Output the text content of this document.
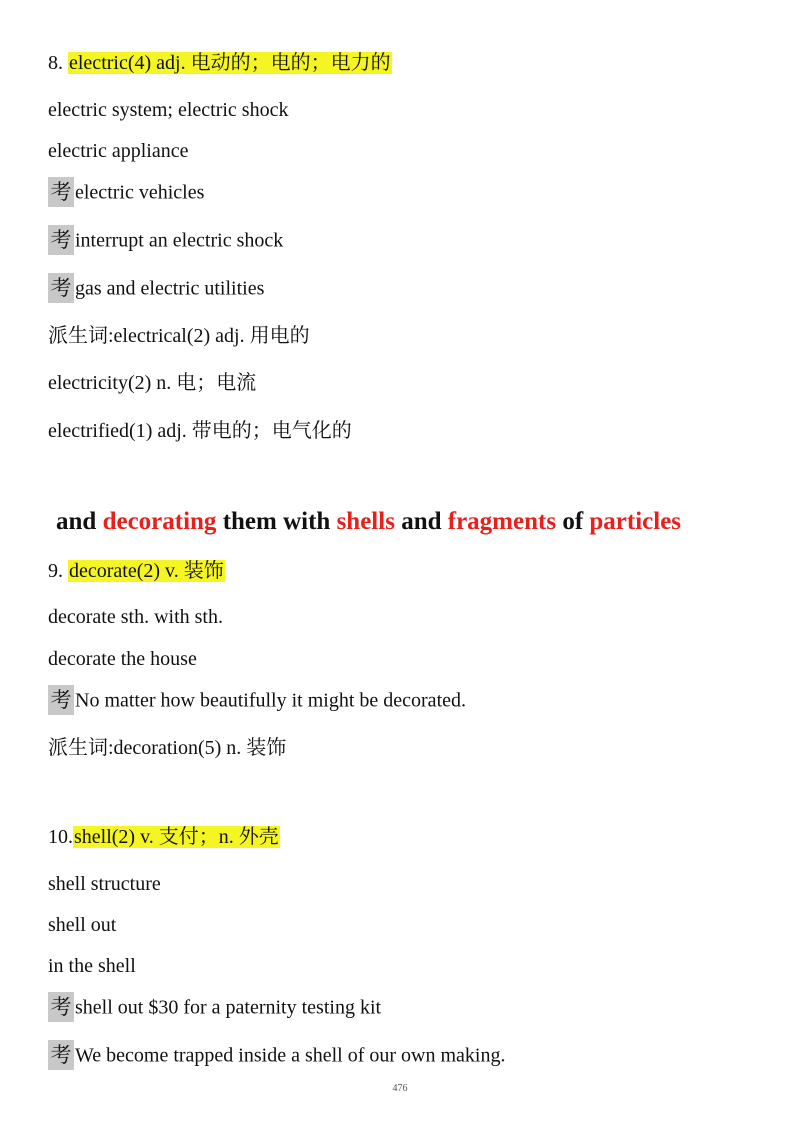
8. electric(4) adj. 电动的；电的；电力的
electric system; electric shock
electric appliance
考 electric vehicles
考 interrupt an electric shock
考 gas and electric utilities
派生词:electrical(2) adj. 用电的
electricity(2) n. 电；电流
electrified(1) adj. 带电的；电气化的
and decorating them with shells and fragments of particles
9. decorate(2) v. 装饰
decorate sth. with sth.
decorate the house
考 No matter how beautifully it might be decorated.
派生词:decoration(5) n. 装饰
10.shell(2) v. 支付；n. 外壳
shell structure
shell out
in the shell
考 shell out $30 for a paternity testing kit
考 We become trapped inside a shell of our own making.
476
